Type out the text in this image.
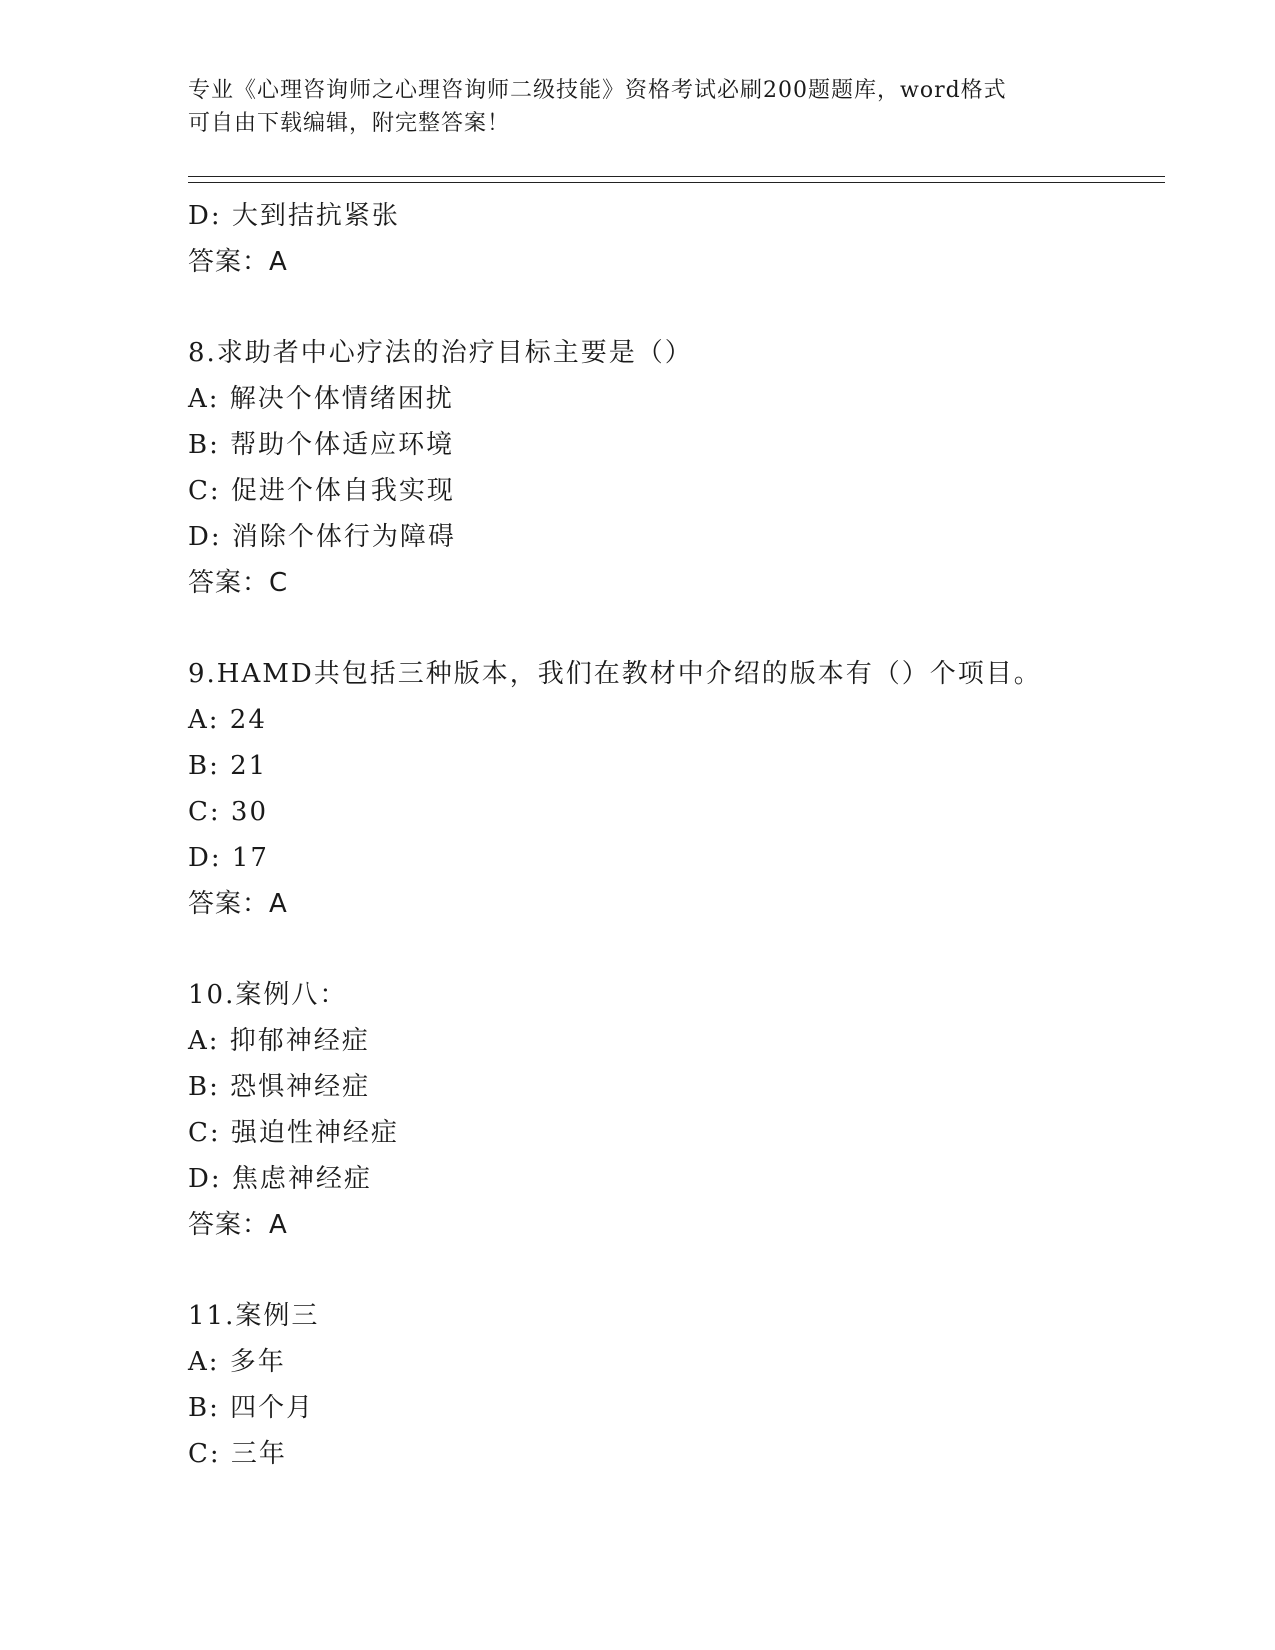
专业《心理咨询师之心理咨询师二级技能》资格考试必刷200题题库，word格式
可自由下载编辑，附完整答案！
D: 大到拮抗紧张
答案：A
8.求助者中心疗法的治疗目标主要是（）
A: 解决个体情绪困扰
B: 帮助个体适应环境
C: 促进个体自我实现
D: 消除个体行为障碍
答案：C
9.HAMD共包括三种版本，我们在教材中介绍的版本有（）个项目。
A: 24
B: 21
C: 30
D: 17
答案：A
10.案例八：
A: 抑郁神经症
B: 恐惧神经症
C: 强迫性神经症
D: 焦虑神经症
答案：A
11.案例三
A: 多年
B: 四个月
C: 三年
